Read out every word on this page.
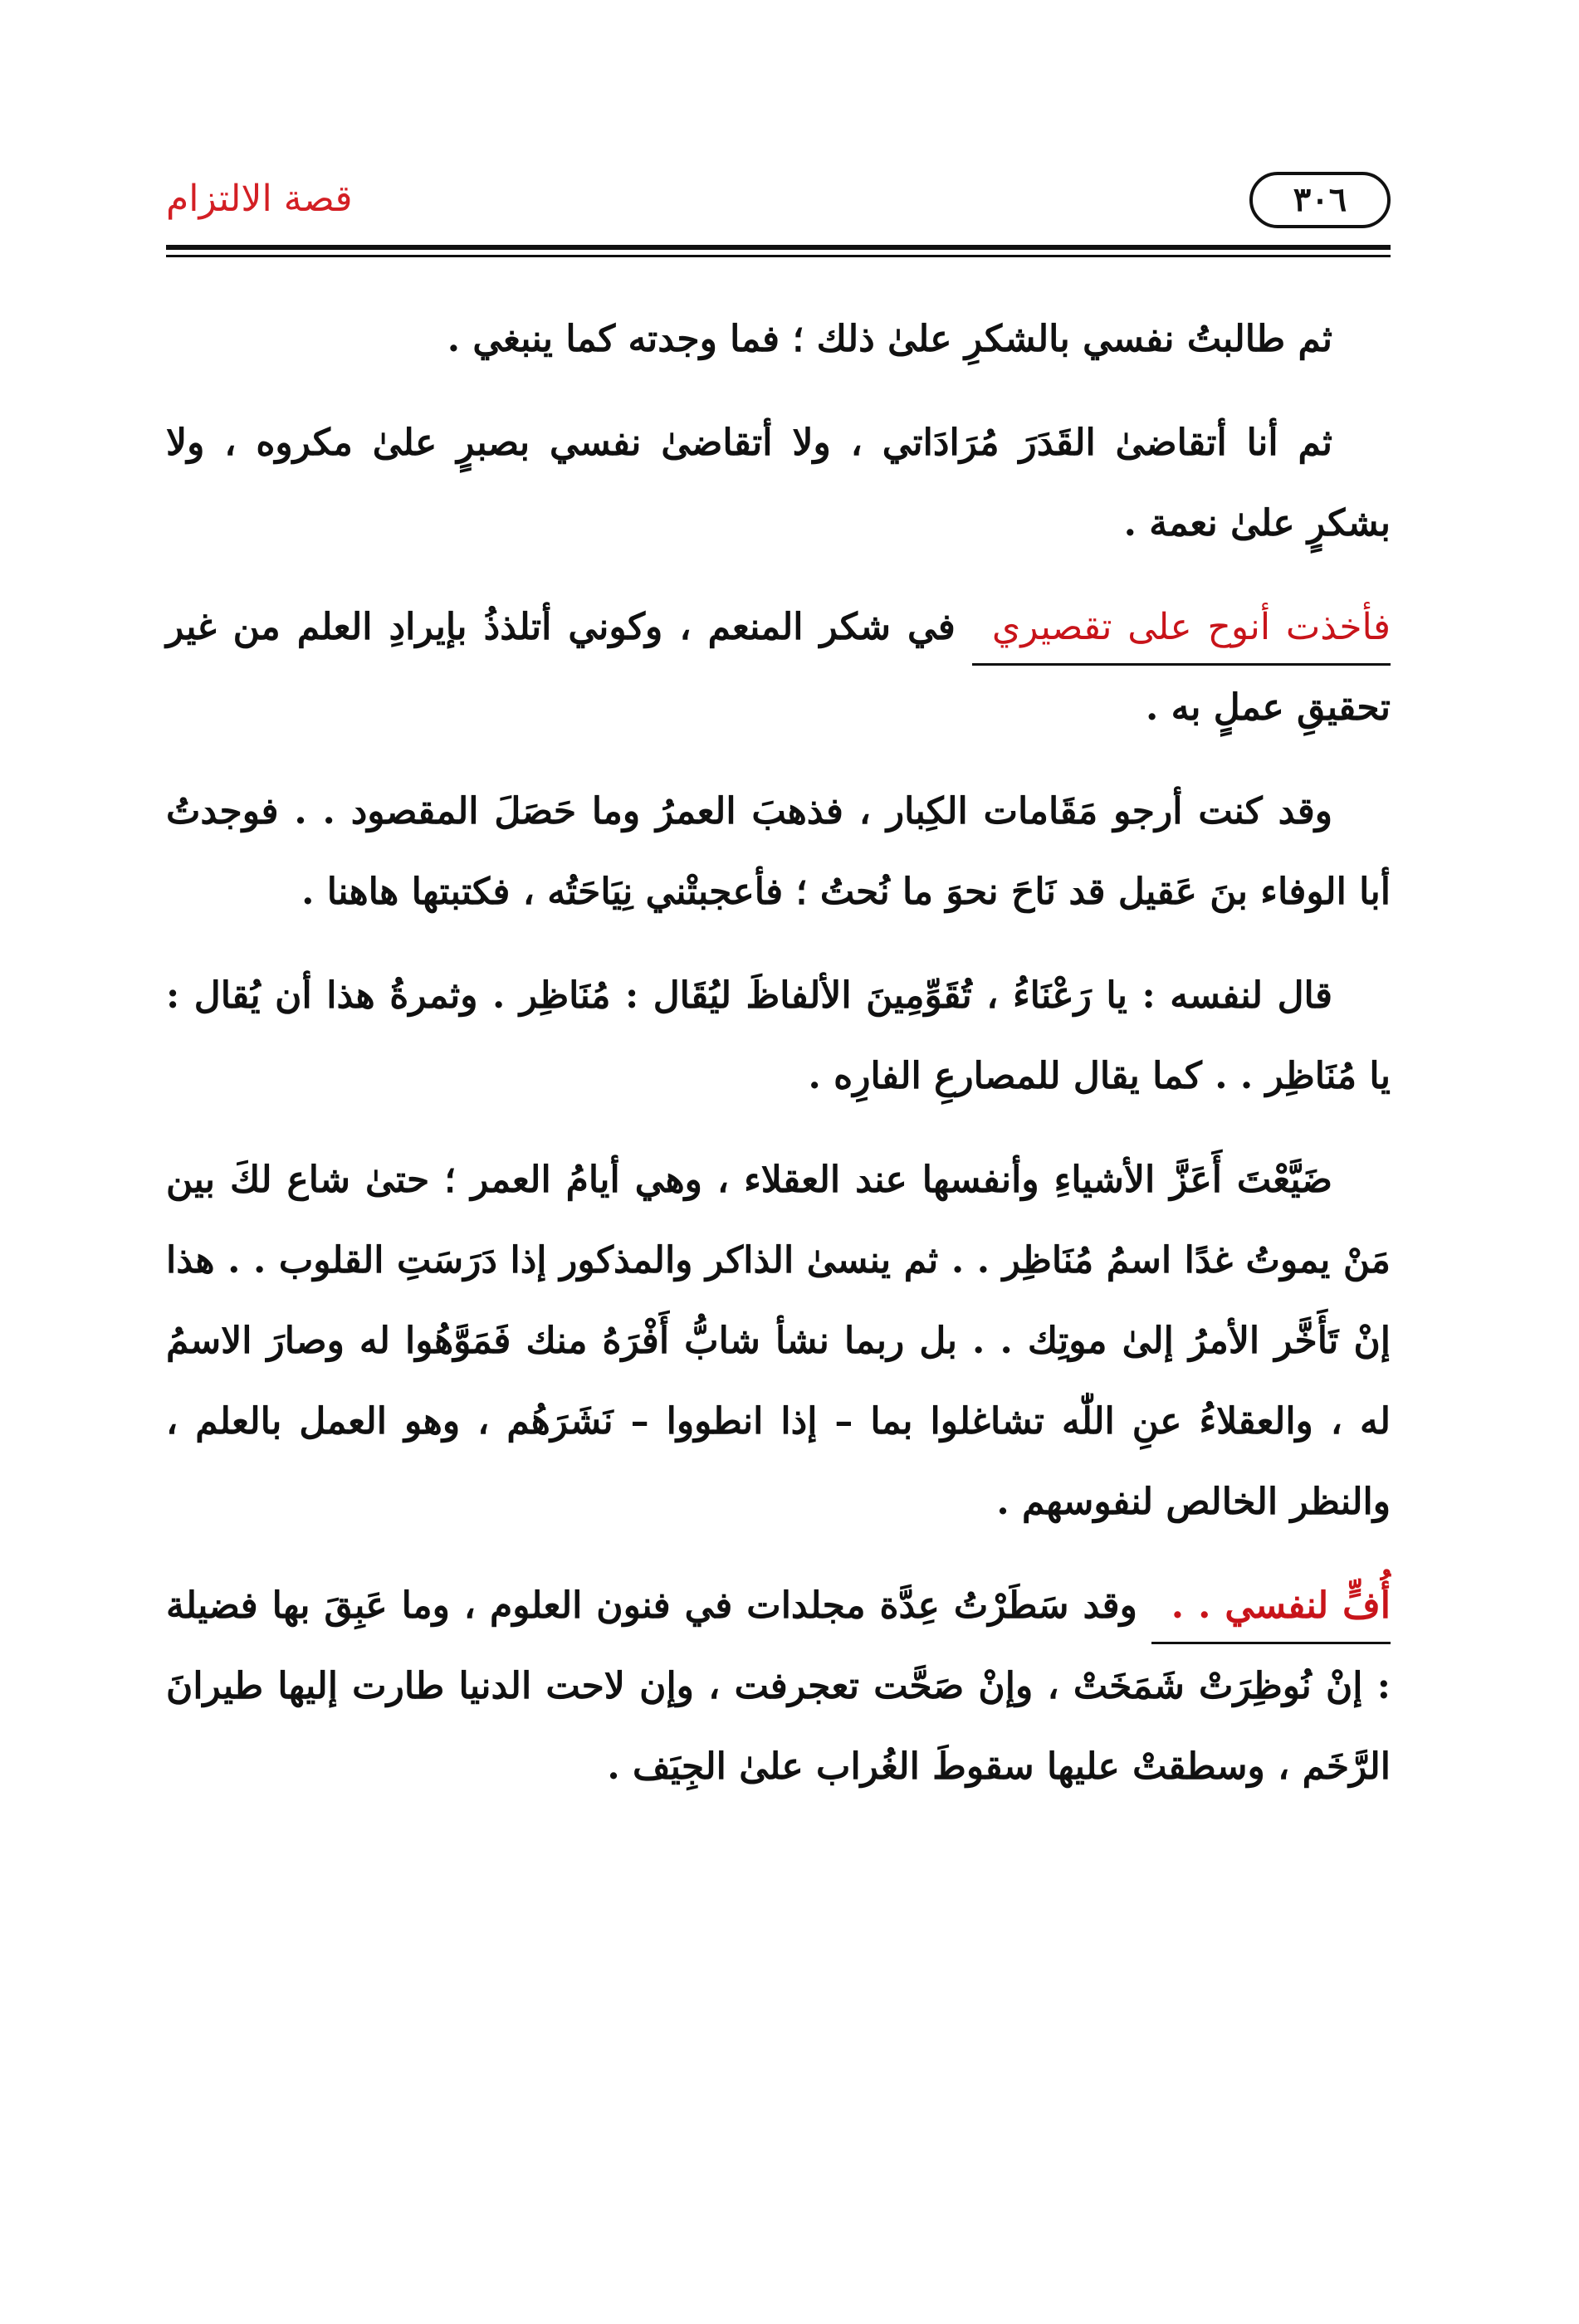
قصة الالتزام	٣٠٦

ثم طالبتُ نفسي بالشكرِ علىٰ ذلك ؛ فما وجدته كما ينبغي .

ثم أنا أتقاضىٰ القَدَرَ مُرَادَاتي ، ولا أتقاضىٰ نفسي بصبرٍ علىٰ مكروه ، ولا بشكرٍ علىٰ نعمة .

فأخذت أنوح على تقصيري في شكر المنعم ، وكوني أتلذذُ بإيرادِ العلم من غير تحقيقِ عملٍ به .

وقد كنت أرجو مَقَامات الكِبار ، فذهبَ العمرُ وما حَصَلَ المقصود . . فوجدتُ أبا الوفاء بنَ عَقيل قد نَاحَ نحوَ ما نُحتُ ؛ فأعجبتْني نِيَاحَتُه ، فكتبتها هاهنا .

قال لنفسه : يا رَعْنَاءُ ، تُقَوِّمِينَ الألفاظَ ليُقَال : مُنَاظِر . وثمرةُ هذا أن يُقال : يا مُنَاظِر . . كما يقال للمصارعِ الفارِه .

ضَيَّعْتَ أَعَزَّ الأشياءِ وأنفسها عند العقلاء ، وهي أيامُ العمر ؛ حتىٰ شاع لكَ بين مَنْ يموتُ غدًا اسمُ مُنَاظِر . . ثم ينسىٰ الذاكر والمذكور إذا دَرَسَتِ القلوب . . هذا إنْ تَأَخَّر الأمرُ إلىٰ موتِك . . بل ربما نشأ شابُّ أَفْرَهُ منك فَمَوَّهُوا له وصارَ الاسمُ له ، والعقلاءُ عنِ اللّٰه تشاغلوا بما – إذا انطووا – نَشَرَهُم ، وهو العمل بالعلم ، والنظر الخالص لنفوسهم .

أُفٍّ لنفسي . . وقد سَطَرْتُ عِدَّة مجلدات في فنون العلوم ، وما عَبِقَ بها فضيلة : إنْ نُوظِرَتْ شَمَخَتْ ، وإنْ صَحَّت تعجرفت ، وإن لاحت الدنيا طارت إليها طيرانَ الرَّخَم ، وسطقتْ عليها سقوطَ الغُراب علىٰ الجِيَف .
